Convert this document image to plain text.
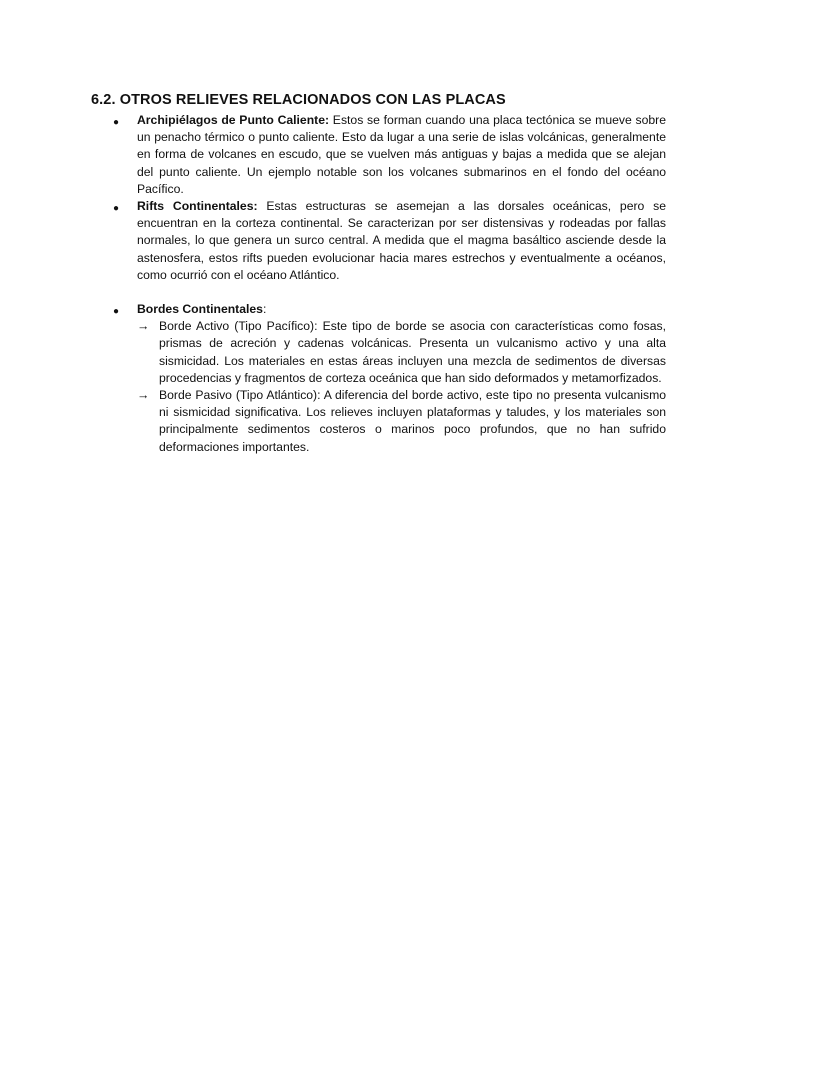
6.2. OTROS RELIEVES RELACIONADOS CON LAS PLACAS
●
Archipiélagos de Punto Caliente: Estos se forman cuando una placa tectónica se mueve sobre un penacho térmico o punto caliente. Esto da lugar a una serie de islas volcánicas, generalmente en forma de volcanes en escudo, que se vuelven más antiguas y bajas a medida que se alejan del punto caliente. Un ejemplo notable son los volcanes submarinos en el fondo del océano Pacífico.
●
Rifts Continentales: Estas estructuras se asemejan a las dorsales oceánicas, pero se encuentran en la corteza continental. Se caracterizan por ser distensivas y rodeadas por fallas normales, lo que genera un surco central. A medida que el magma basáltico asciende desde la astenosfera, estos rifts pueden evolucionar hacia mares estrechos y eventualmente a océanos, como ocurrió con el océano Atlántico.
●
Bordes Continentales:
→ Borde Activo (Tipo Pacífico): Este tipo de borde se asocia con características como fosas, prismas de acreción y cadenas volcánicas. Presenta un vulcanismo activo y una alta sismicidad. Los materiales en estas áreas incluyen una mezcla de sedimentos de diversas procedencias y fragmentos de corteza oceánica que han sido deformados y metamorfizados.
→ Borde Pasivo (Tipo Atlántico): A diferencia del borde activo, este tipo no presenta vulcanismo ni sismicidad significativa. Los relieves incluyen plataformas y taludes, y los materiales son principalmente sedimentos costeros o marinos poco profundos, que no han sufrido deformaciones importantes.
